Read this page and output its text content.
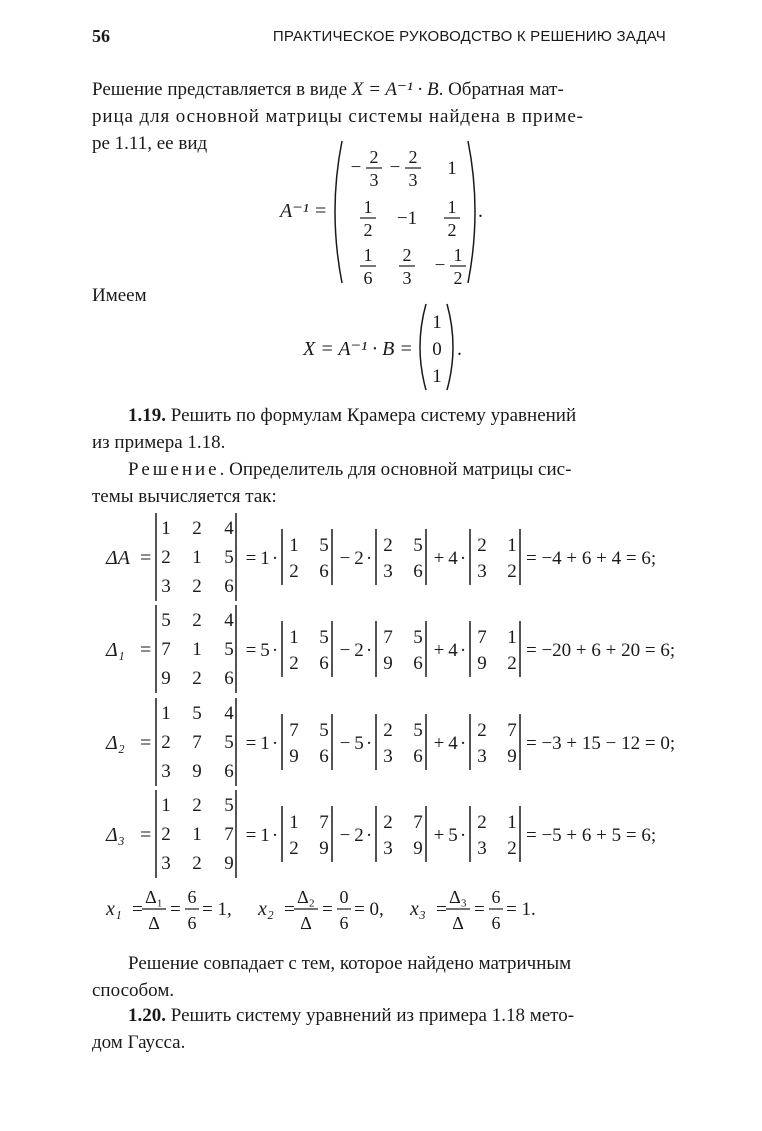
56	ПРАКТИЧЕСКОЕ РУКОВОДСТВО К РЕШЕНИЮ ЗАДАЧ
Решение представляется в виде X = A⁻¹ · B. Обратная мат-
рица для основной матрицы системы найдена в приме-
ре 1.11, ее вид
A⁻¹ =
− 2
3
− 2
3
1
1
2
−1
1
2
1
6
2
3
− 1
2
.
Имеем
X = A⁻¹ · B =
1
0
1
.
1.19. Решить по формулам Крамера систему уравнений
из примера 1.18.
Решение. Определитель для основной матрицы сис-
темы вычисляется так:
ΔA =
1 2 4
2 1 5
3 2 6
= 1 ·
1 5
2 6
− 2 ·
2 5
3 6
+ 4 ·
2 1
3 2
= −4 + 6 + 4 = 6;
Δ₁ =
5 2 4
7 1 5
9 2 6
= 5 ·
1 5
2 6
− 2 ·
7 5
9 6
+ 4 ·
7 1
9 2
= −20 + 6 + 20 = 6;
Δ₂ =
1 5 4
2 7 5
3 9 6
= 1 ·
7 5
9 6
− 5 ·
2 5
3 6
+ 4 ·
2 7
3 9
= −3 + 15 − 12 = 0;
Δ₃ =
1 2 5
2 1 7
3 2 9
= 1 ·
1 7
2 9
− 2 ·
2 7
3 9
+ 5 ·
2 1
3 2
= −5 + 6 + 5 = 6;
x₁ =
Δ₁
Δ
=
6
6
= 1, x₂ =
Δ₂
Δ
=
0
6
= 0, x₃ =
Δ₃
Δ
=
6
6
= 1.
Решение совпадает с тем, которое найдено матричным
способом.
1.20. Решить систему уравнений из примера 1.18 мето-
дом Гаусса.
